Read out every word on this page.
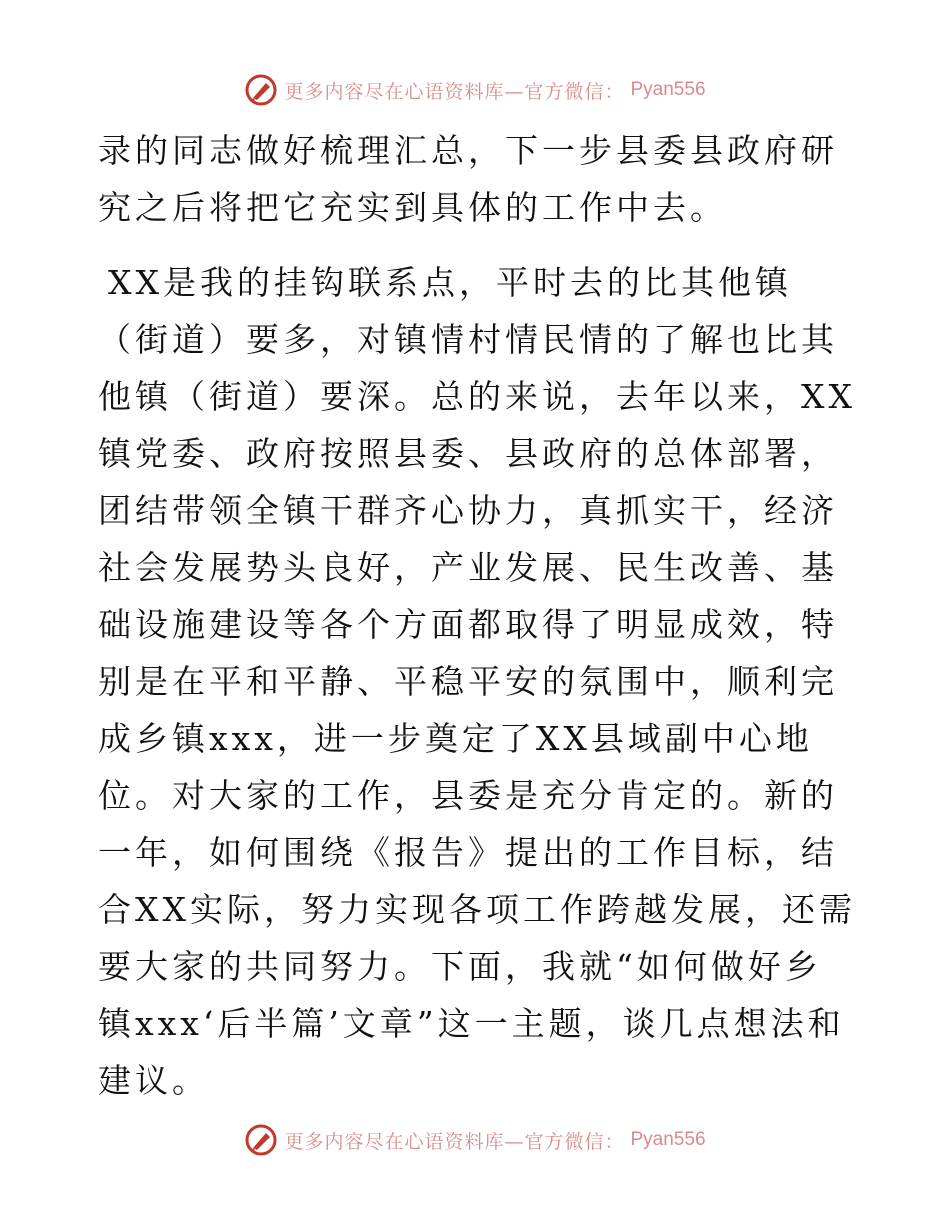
更多内容尽在心语资料库—官方微信： Pyan556

录的同志做好梳理汇总，下一步县委县政府研究之后将把它充实到具体的工作中去。

XX是我的挂钩联系点，平时去的比其他镇（街道）要多，对镇情村情民情的了解也比其他镇（街道）要深。总的来说，去年以来，XX镇党委、政府按照县委、县政府的总体部署，团结带领全镇干群齐心协力，真抓实干，经济社会发展势头良好，产业发展、民生改善、基础设施建设等各个方面都取得了明显成效，特别是在平和平静、平稳平安的氛围中，顺利完成乡镇xxx，进一步奠定了XX县域副中心地位。对大家的工作，县委是充分肯定的。新的一年，如何围绕《报告》提出的工作目标，结合XX实际，努力实现各项工作跨越发展，还需要大家的共同努力。下面，我就“如何做好乡镇xxx‘后半篇’文章”这一主题，谈几点想法和建议。

更多内容尽在心语资料库—官方微信： Pyan556
